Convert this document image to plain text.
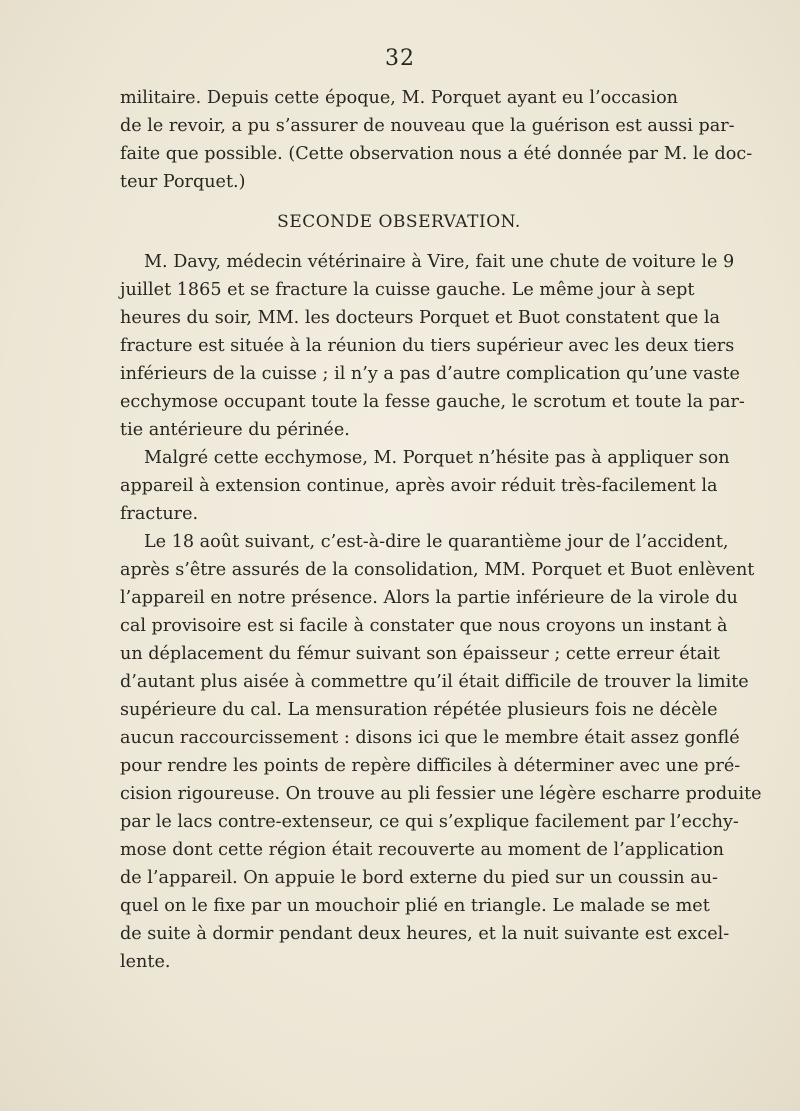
32
militaire. Depuis cette époque, M. Porquet ayant eu l’occasion
de le revoir, a pu s’assurer de nouveau que la guérison est aussi par-
faite que possible. (Cette observation nous a été donnée par M. le doc-
teur Porquet.)
SECONDE OBSERVATION.
M. Davy, médecin vétérinaire à Vire, fait une chute de voiture le 9
juillet 1865 et se fracture la cuisse gauche. Le même jour à sept
heures du soir, MM. les docteurs Porquet et Buot constatent que la
fracture est située à la réunion du tiers supérieur avec les deux tiers
inférieurs de la cuisse ; il n’y a pas d’autre complication qu’une vaste
ecchymose occupant toute la fesse gauche, le scrotum et toute la par-
tie antérieure du périnée.
Malgré cette ecchymose, M. Porquet n’hésite pas à appliquer son
appareil à extension continue, après avoir réduit très-facilement la
fracture.
Le 18 août suivant, c’est-à-dire le quarantième jour de l’accident,
après s’être assurés de la consolidation, MM. Porquet et Buot enlèvent
l’appareil en notre présence. Alors la partie inférieure de la virole du
cal provisoire est si facile à constater que nous croyons un instant à
un déplacement du fémur suivant son épaisseur ; cette erreur était
d’autant plus aisée à commettre qu’il était difficile de trouver la limite
supérieure du cal. La mensuration répétée plusieurs fois ne décèle
aucun raccourcissement : disons ici que le membre était assez gonflé
pour rendre les points de repère difficiles à déterminer avec une pré-
cision rigoureuse. On trouve au pli fessier une légère escharre produite
par le lacs contre-extenseur, ce qui s’explique facilement par l’ecchy-
mose dont cette région était recouverte au moment de l’application
de l’appareil. On appuie le bord externe du pied sur un coussin au-
quel on le fixe par un mouchoir plié en triangle. Le malade se met
de suite à dormir pendant deux heures, et la nuit suivante est excel-
lente.
